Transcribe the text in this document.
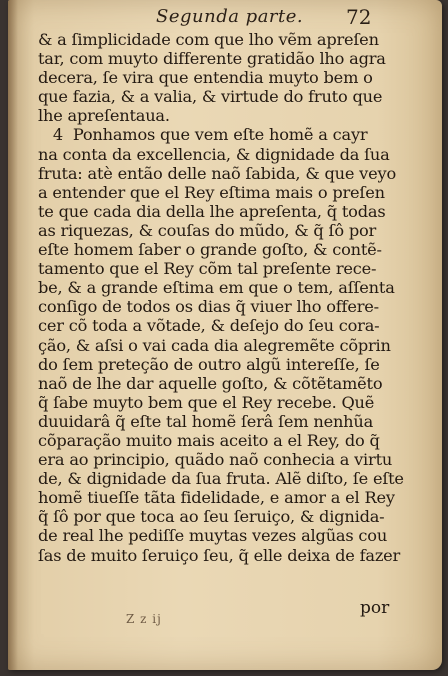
Segunda parte. 72
& a ſimplicidade com que lho vẽm apreſen
tar, com muyto differente gratidão lho agra
decera, ſe vira que entendia muyto bem o
que fazia, & a valia, & virtude do fruto que
lhe apreſentaua.
4  Ponhamos que vem eſte homẽ a cayr
na conta da excellencia, & dignidade da ſua
fruta: atè então delle naõ ſabida, & que veyo
a entender que el Rey eſtima mais o preſen
te que cada dia della lhe apreſenta, q̃ todas
as riquezas, & couſas do mũdo, & q̃ ſô por
eſte homem ſaber o grande goſto, & contẽ-
tamento que el Rey cõm tal preſente rece-
be, & a grande eſtima em que o tem, aſſenta
conſigo de todos os dias q̃ viuer lho offere-
cer cõ toda a võtade, & deſejo do ſeu cora-
ção, & aſsi o vai cada dia alegremẽte cõprin
do ſem preteção de outro algũ intereſſe, ſe
naõ de lhe dar aquelle goſto, & cõtẽtamẽto
q̃ ſabe muyto bem que el Rey recebe. Quẽ
duuidarâ q̃ eſte tal homẽ ſerâ ſem nenhũa
cõparação muito mais aceito a el Rey, do q̃
era ao principio, quãdo naõ conhecia a virtu
de, & dignidade da ſua fruta. Alẽ diſto, ſe eſte
homẽ tiueſſe tãta fidelidade, e amor a el Rey
q̃ ſô por que toca ao ſeu ſeruiço, & dignida-
de real lhe pediſſe muytas vezes algũas cou
ſas de muito ſeruiço ſeu, q̃ elle deixa de fazer
Z z ij
por
